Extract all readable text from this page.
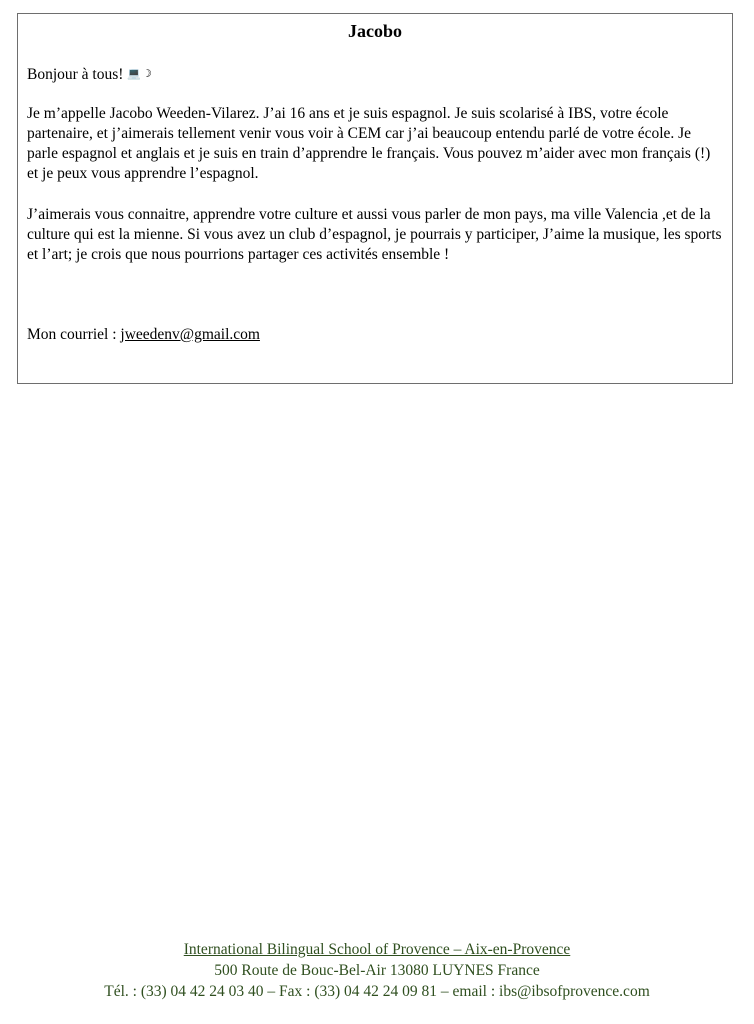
Jacobo
Bonjour à tous! 💻☽
Je m’appelle Jacobo Weeden-Vilarez. J’ai 16 ans et je suis espagnol. Je suis scolarisé à IBS, votre école partenaire, et j’aimerais tellement venir vous voir à CEM car j’ai beaucoup entendu parlé de votre école. Je parle espagnol et anglais et je suis en train d’apprendre le français. Vous pouvez m’aider avec mon français (!) et je peux vous apprendre l’espagnol.
J’aimerais vous connaitre, apprendre votre culture et aussi vous parler de mon pays, ma ville Valencia ,et de la culture qui est la mienne. Si vous avez un club d’espagnol, je pourrais y participer, J’aime la musique, les sports et l’art; je crois que nous pourrions partager ces activités ensemble !
Mon courriel : jweedenv@gmail.com
International Bilingual School of Provence – Aix-en-Provence
500 Route de Bouc-Bel-Air 13080 LUYNES France
Tél. : (33) 04 42 24 03 40 – Fax : (33) 04 42 24 09 81 – email : ibs@ibsofprovence.com
